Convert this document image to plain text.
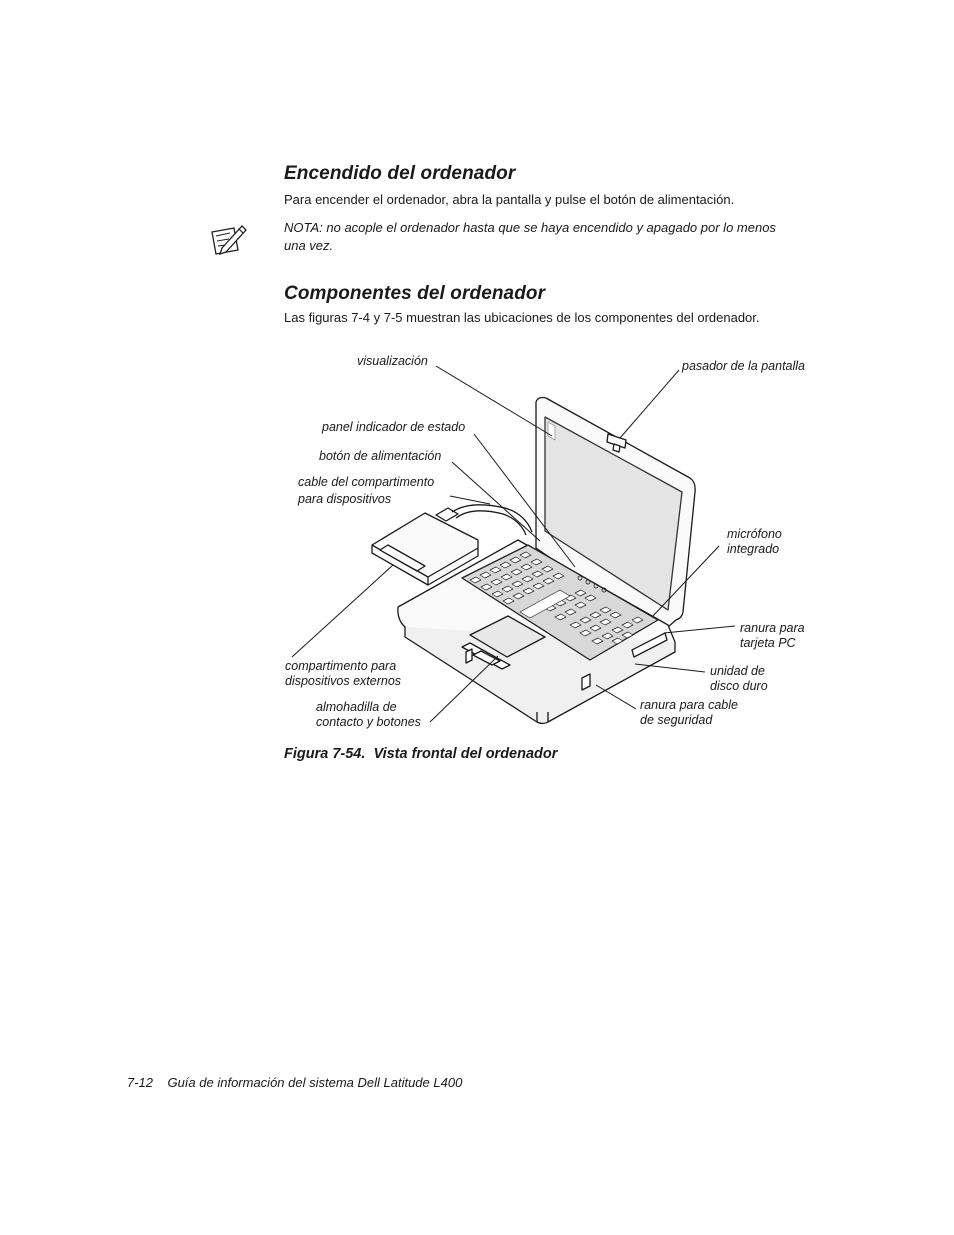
Encendido del ordenador

Para encender el ordenador, abra la pantalla y pulse el botón de alimentación.

NOTA: no acople el ordenador hasta que se haya encendido y apagado por lo menos
una vez.
Componentes del ordenador

Las figuras 7-4 y 7-5 muestran las ubicaciones de los componentes del ordenador.

visualización	pasador de la pantalla
panel indicador de estado
botón de alimentación
cable del compartimento
para dispositivos
micrófono
integrado
ranura para
tarjeta PC
unidad de
disco duro
ranura para cable
de seguridad
compartimento para
dispositivos externos
almohadilla de
contacto y botones
Figura 7-54.  Vista frontal del ordenador
7-12    Guía de información del sistema Dell Latitude L400
